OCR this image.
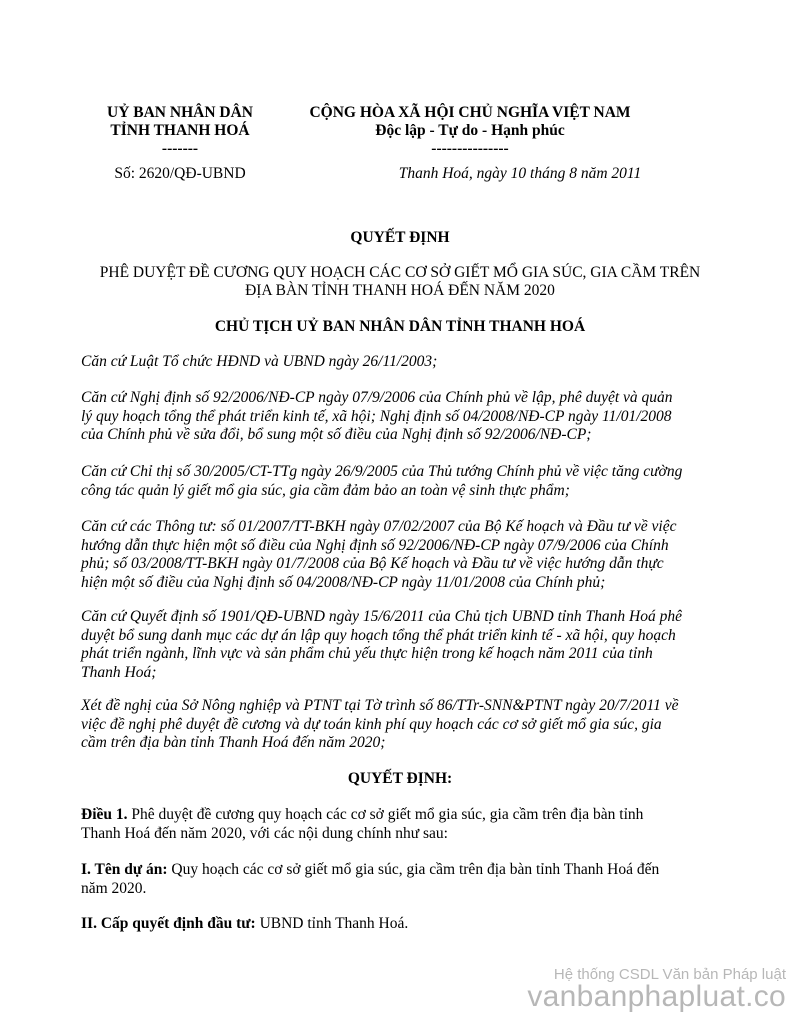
UỶ BAN NHÂN DÂN
TỈNH THANH HOÁ
-------
CỘNG HÒA XÃ HỘI CHỦ NGHĨA VIỆT NAM
Độc lập - Tự do - Hạnh phúc
---------------
Số: 2620/QĐ-UBND	Thanh Hoá, ngày 10 tháng 8 năm 2011
QUYẾT ĐỊNH
PHÊ DUYỆT ĐỀ CƯƠNG QUY HOẠCH CÁC CƠ SỞ GIẾT MỔ GIA SÚC, GIA CẦM TRÊN
ĐỊA BÀN TỈNH THANH HOÁ ĐẾN NĂM 2020
CHỦ TỊCH UỶ BAN NHÂN DÂN TỈNH THANH HOÁ
Căn cứ Luật Tổ chức HĐND và UBND ngày 26/11/2003;
Căn cứ Nghị định số 92/2006/NĐ-CP ngày 07/9/2006 của Chính phủ về lập, phê duyệt và quản
lý quy hoạch tổng thể phát triển kinh tế, xã hội; Nghị định số 04/2008/NĐ-CP ngày 11/01/2008
của Chính phủ về sửa đổi, bổ sung một số điều của Nghị định số 92/2006/NĐ-CP;
Căn cứ Chỉ thị số 30/2005/CT-TTg ngày 26/9/2005 của Thủ tướng Chính phủ về việc tăng cường
công tác quản lý giết mổ gia súc, gia cầm đảm bảo an toàn vệ sinh thực phẩm;
Căn cứ các Thông tư: số 01/2007/TT-BKH ngày 07/02/2007 của Bộ Kế hoạch và Đầu tư về việc
hướng dẫn thực hiện một số điều của Nghị định số 92/2006/NĐ-CP ngày 07/9/2006 của Chính
phủ; số 03/2008/TT-BKH ngày 01/7/2008 của Bộ Kế hoạch và Đầu tư về việc hướng dẫn thực
hiện một số điều của Nghị định số 04/2008/NĐ-CP ngày 11/01/2008 của Chính phủ;
Căn cứ Quyết định số 1901/QĐ-UBND ngày 15/6/2011 của Chủ tịch UBND tỉnh Thanh Hoá phê
duyệt bổ sung danh mục các dự án lập quy hoạch tổng thể phát triển kinh tế - xã hội, quy hoạch
phát triển ngành, lĩnh vực và sản phẩm chủ yếu thực hiện trong kế hoạch năm 2011 của tỉnh
Thanh Hoá;
Xét đề nghị của Sở Nông nghiệp và PTNT tại Tờ trình số 86/TTr-SNN&PTNT ngày 20/7/2011 về
việc đề nghị phê duyệt đề cương và dự toán kinh phí quy hoạch các cơ sở giết mổ gia súc, gia
cầm trên địa bàn tỉnh Thanh Hoá đến năm 2020;
QUYẾT ĐỊNH:
Điều 1. Phê duyệt đề cương quy hoạch các cơ sở giết mổ gia súc, gia cầm trên địa bàn tỉnh
Thanh Hoá đến năm 2020, với các nội dung chính như sau:
I. Tên dự án: Quy hoạch các cơ sở giết mổ gia súc, gia cầm trên địa bàn tỉnh Thanh Hoá đến
năm 2020.
II. Cấp quyết định đầu tư: UBND tỉnh Thanh Hoá.
Hệ thống CSDL Văn bản Pháp luật
vanbanphapluat.co
